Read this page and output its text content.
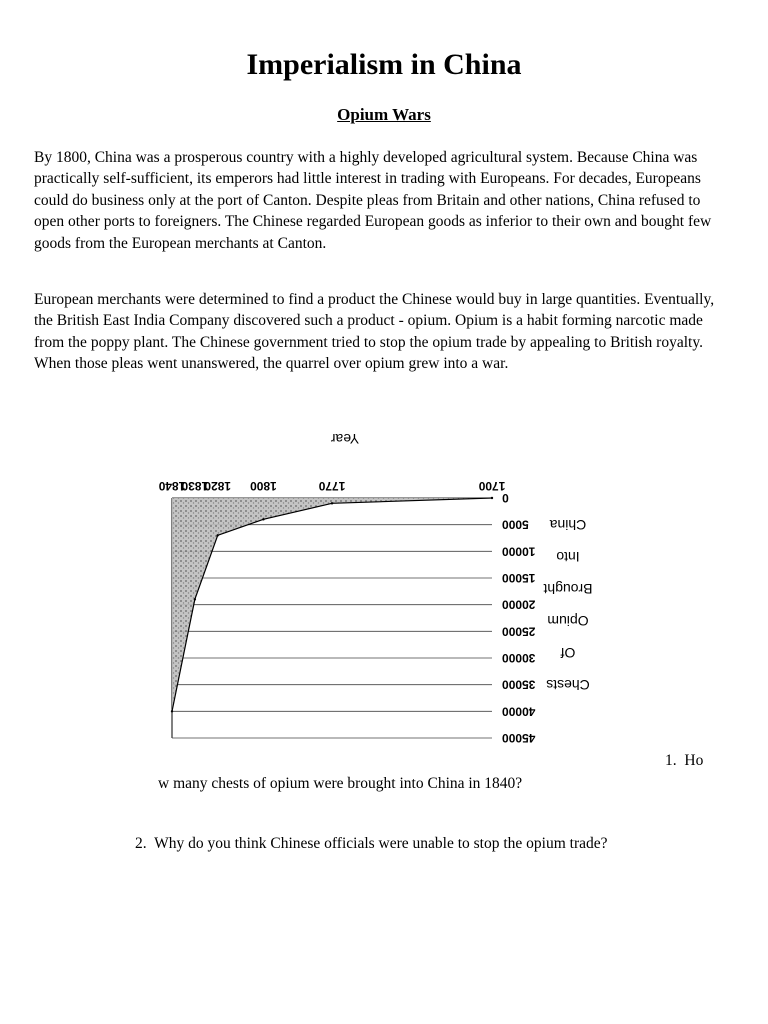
Imperialism in China
Opium Wars

By 1800, China was a prosperous country with a highly developed agricultural system. Because China was practically self-sufficient, its emperors had little interest in trading with Europeans. For decades, Europeans could do business only at the port of Canton. Despite pleas from Britain and other nations, China refused to open other ports to foreigners. The Chinese regarded European goods as inferior to their own and bought few goods from the European merchants at Canton.

European merchants were determined to find a product the Chinese would buy in large quantities. Eventually, the British East India Company discovered such a product - opium. Opium is a habit forming narcotic made from the poppy plant. The Chinese government tried to stop the opium trade by appealing to British royalty. When those pleas went unanswered, the quarrel over opium grew into a war.

0
5000
10000
15000
20000
25000
30000
35000
40000
45000
1700
1770
1800
1820
1830
1840
Year
China
Into
Brought
Opium
Of
Chests
1. Ho
w many chests of opium were brought into China in 1840?
2. Why do you think Chinese officials were unable to stop the opium trade?
